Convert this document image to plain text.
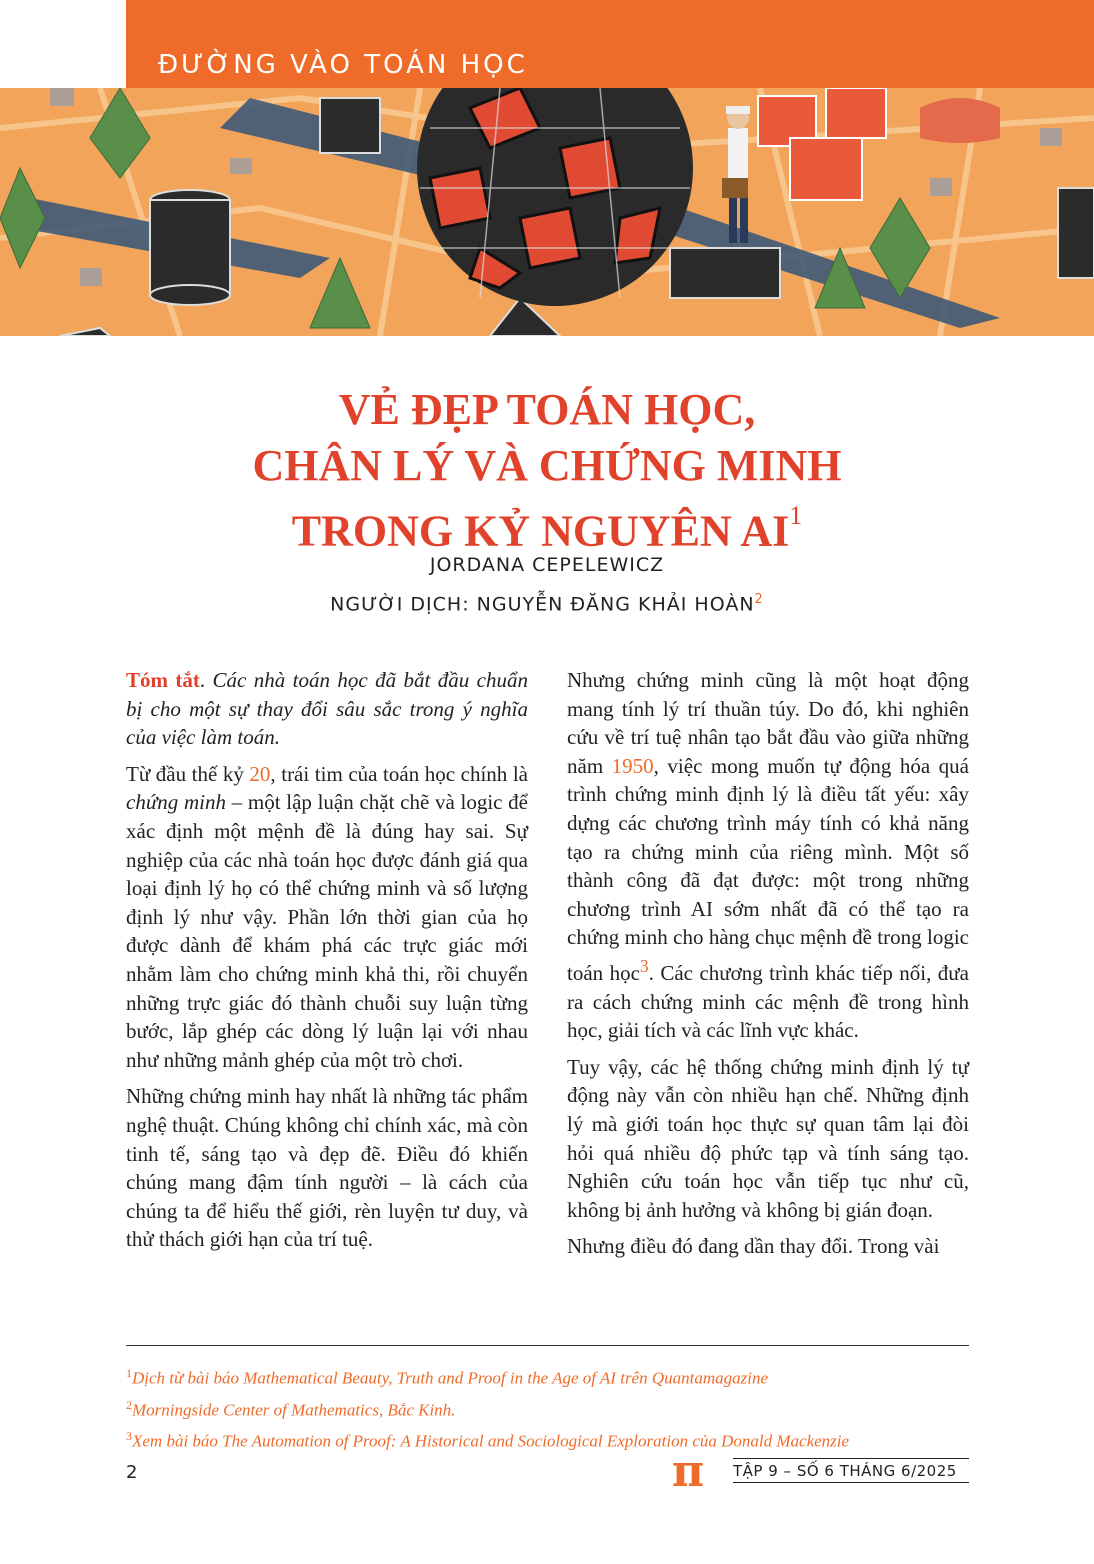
ĐƯỜNG VÀO TOÁN HỌC
VẺ ĐẸP TOÁN HỌC,
CHÂN LÝ VÀ CHỨNG MINH
TRONG KỶ NGUYÊN $AI^1$
JORDANA CEPELEWICZ
NGƯỜI DỊCH: NGUYỄN ĐĂNG KHẢI HOÀN$^2$

Tóm tắt. Các nhà toán học đã bắt đầu chuẩn bị cho một sự thay đổi sâu sắc trong ý nghĩa của việc làm toán.

Từ đầu thế kỷ 20, trái tim của toán học chính là chứng minh – một lập luận chặt chẽ và logic để xác định một mệnh đề là đúng hay sai. Sự nghiệp của các nhà toán học được đánh giá qua loại định lý họ có thể chứng minh và số lượng định lý như vậy. Phần lớn thời gian của họ được dành để khám phá các trực giác mới nhằm làm cho chứng minh khả thi, rồi chuyển những trực giác đó thành chuỗi suy luận từng bước, lắp ghép các dòng lý luận lại với nhau như những mảnh ghép của một trò chơi.

Những chứng minh hay nhất là những tác phẩm nghệ thuật. Chúng không chỉ chính xác, mà còn tinh tế, sáng tạo và đẹp đẽ. Điều đó khiến chúng mang đậm tính người – là cách của chúng ta để hiểu thế giới, rèn luyện tư duy, và thử thách giới hạn của trí tuệ.

Nhưng chứng minh cũng là một hoạt động mang tính lý trí thuần túy. Do đó, khi nghiên cứu về trí tuệ nhân tạo bắt đầu vào giữa những năm 1950, việc mong muốn tự động hóa quá trình chứng minh định lý là điều tất yếu: xây dựng các chương trình máy tính có khả năng tạo ra chứng minh của riêng mình. Một số thành công đã đạt được: một trong những chương trình AI sớm nhất đã có thể tạo ra chứng minh cho hàng chục mệnh đề trong logic toán học$^3$. Các chương trình khác tiếp nối, đưa ra cách chứng minh các mệnh đề trong hình học, giải tích và các lĩnh vực khác.

Tuy vậy, các hệ thống chứng minh định lý tự động này vẫn còn nhiều hạn chế. Những định lý mà giới toán học thực sự quan tâm lại đòi hỏi quá nhiều độ phức tạp và tính sáng tạo. Nghiên cứu toán học vẫn tiếp tục như cũ, không bị ảnh hưởng và không bị gián đoạn.

Nhưng điều đó đang dần thay đổi. Trong vài

$^1$Dịch từ bài báo Mathematical Beauty, Truth and Proof in the Age of AI trên Quantamagazine
$^2$Morningside Center of Mathematics, Bắc Kinh.
$^3$Xem bài báo The Automation of Proof: A Historical and Sociological Exploration của Donald Mackenzie
2	π TẬP 9 – SỐ 6 THÁNG 6/2025
